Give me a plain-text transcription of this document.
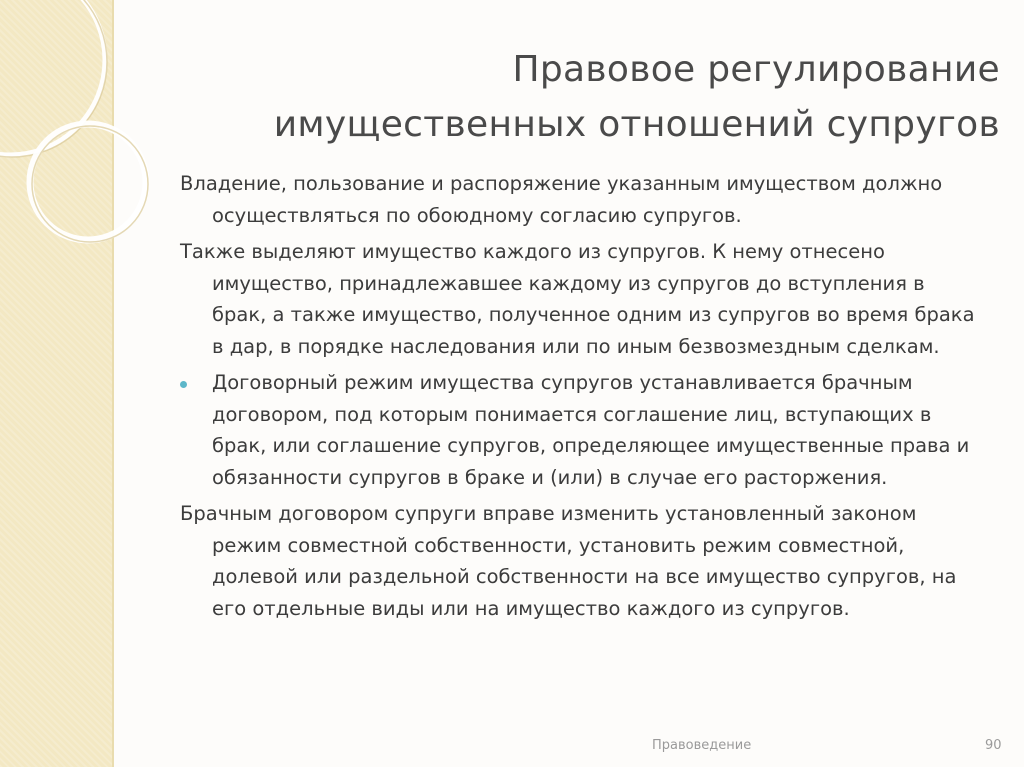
Правовое регулирование
имущественных отношений супругов

Владение, пользование и распоряжение указанным имуществом должно осуществляться по обоюдному согласию супругов.

Также выделяют имущество каждого из супругов. К нему отнесено имущество, принадлежавшее каждому из супругов до вступления в брак, а также имущество, полученное одним из супругов во время брака в дар, в порядке наследования или по иным безвозмездным сделкам.

Договорный режим имущества супругов устанавливается брачным договором, под которым понимается соглашение лиц, вступающих в брак, или соглашение супругов, определяющее имущественные права и обязанности супругов в браке и (или) в случае его расторжения.

Брачным договором супруги вправе изменить установленный законом режим совместной собственности, установить режим совместной, долевой или раздельной собственности на все имущество супругов, на его отдельные виды или на имущество каждого из супругов.

Правоведение	90
